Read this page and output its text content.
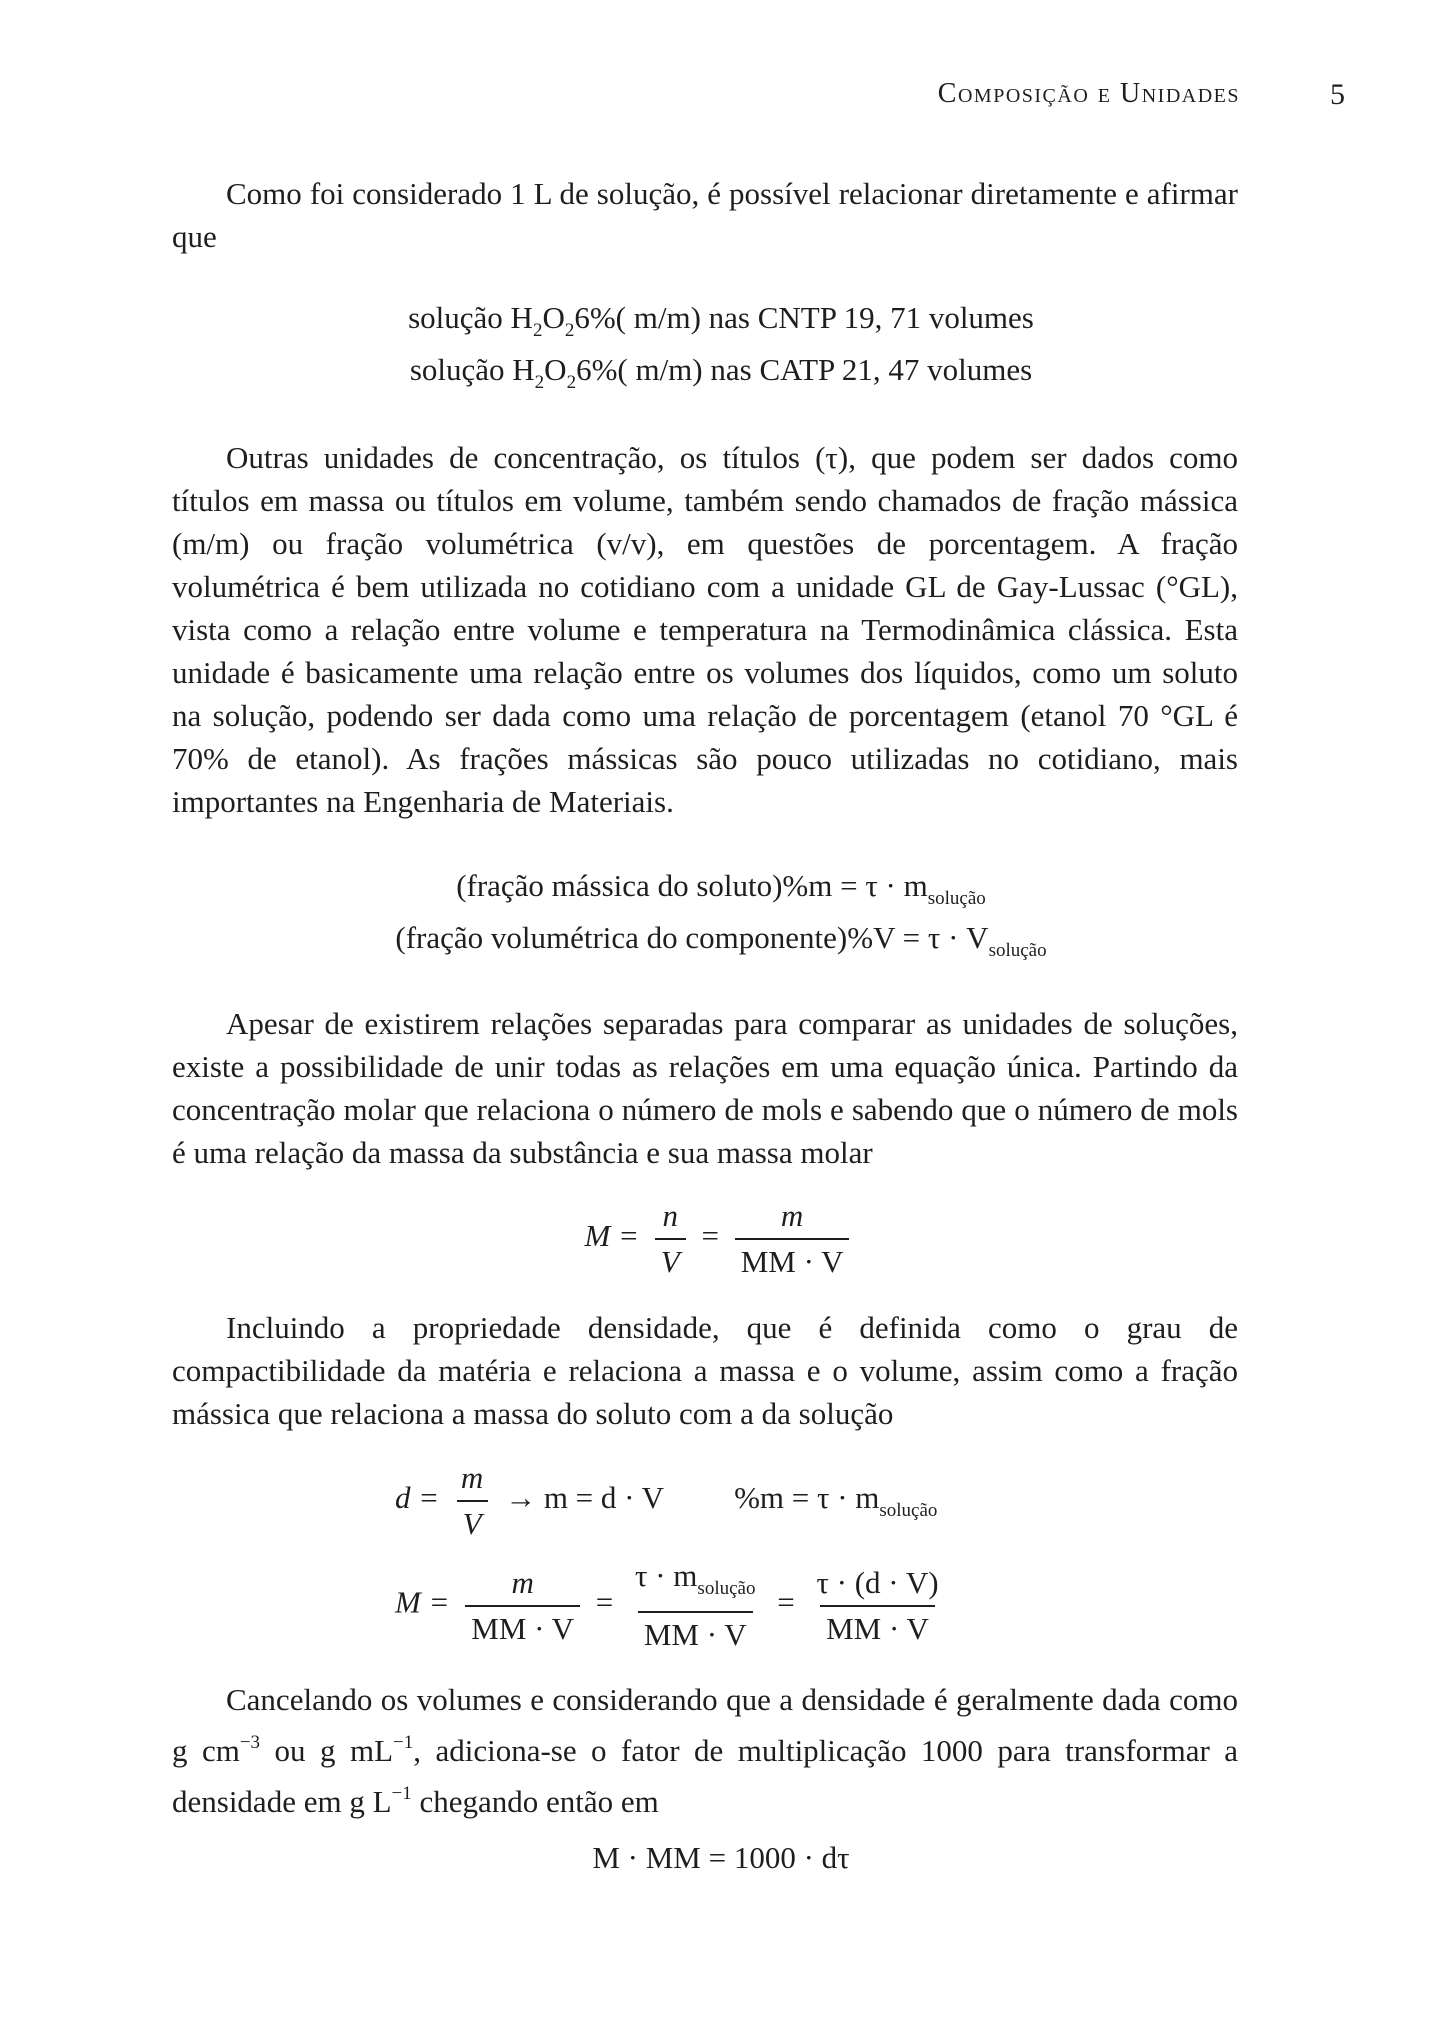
Composição e Unidades	5

Como foi considerado 1 L de solução, é possível relacionar diretamente e afirmar que

solução $H_2O_26\%$( m/m) nas CNTP 19, 71 volumes
solução $H_2O_26\%$( m/m) nas CATP 21, 47 volumes

Outras unidades de concentração, os títulos (τ), que podem ser dados como títulos em massa ou títulos em volume, também sendo chamados de fração mássica (m/m) ou fração volumétrica (v/v), em questões de porcentagem. A fração volumétrica é bem utilizada no cotidiano com a unidade GL de Gay-Lussac (°GL), vista como a relação entre volume e temperatura na Termodinâmica clássica. Esta unidade é basicamente uma relação entre os volumes dos líquidos, como um soluto na solução, podendo ser dada como uma relação de porcentagem (etanol 70 °GL é 70% de etanol). As frações mássicas são pouco utilizadas no cotidiano, mais importantes na Engenharia de Materiais.

(fração mássica do soluto)%m = $\tau \cdot m_{solução}$
(fração volumétrica do componente)%V = $\tau \cdot V_{solução}$

Apesar de existirem relações separadas para comparar as unidades de soluções, existe a possibilidade de unir todas as relações em uma equação única. Partindo da concentração molar que relaciona o número de mols e sabendo que o número de mols é uma relação da massa da substância e sua massa molar

$M = \frac{n}{V} = \frac{m}{MM \cdot V}$

Incluindo a propriedade densidade, que é definida como o grau de compactibilidade da matéria e relaciona a massa e o volume, assim como a fração mássica que relaciona a massa do soluto com a da solução

$d = \frac{m}{V} \to m = d \cdot V$ $\%m = \tau \cdot m_{solução}$
$M = \frac{m}{MM \cdot V} = \frac{\tau \cdot m_{solução}}{MM \cdot V} = \frac{\tau \cdot (d \cdot V)}{MM \cdot V}$

Cancelando os volumes e considerando que a densidade é geralmente dada como g $cm^{-3}$ ou g $mL^{-1}$, adiciona-se o fator de multiplicação 1000 para transformar a densidade em g $L^{-1}$ chegando então em

M · MM = 1000 · dτ
